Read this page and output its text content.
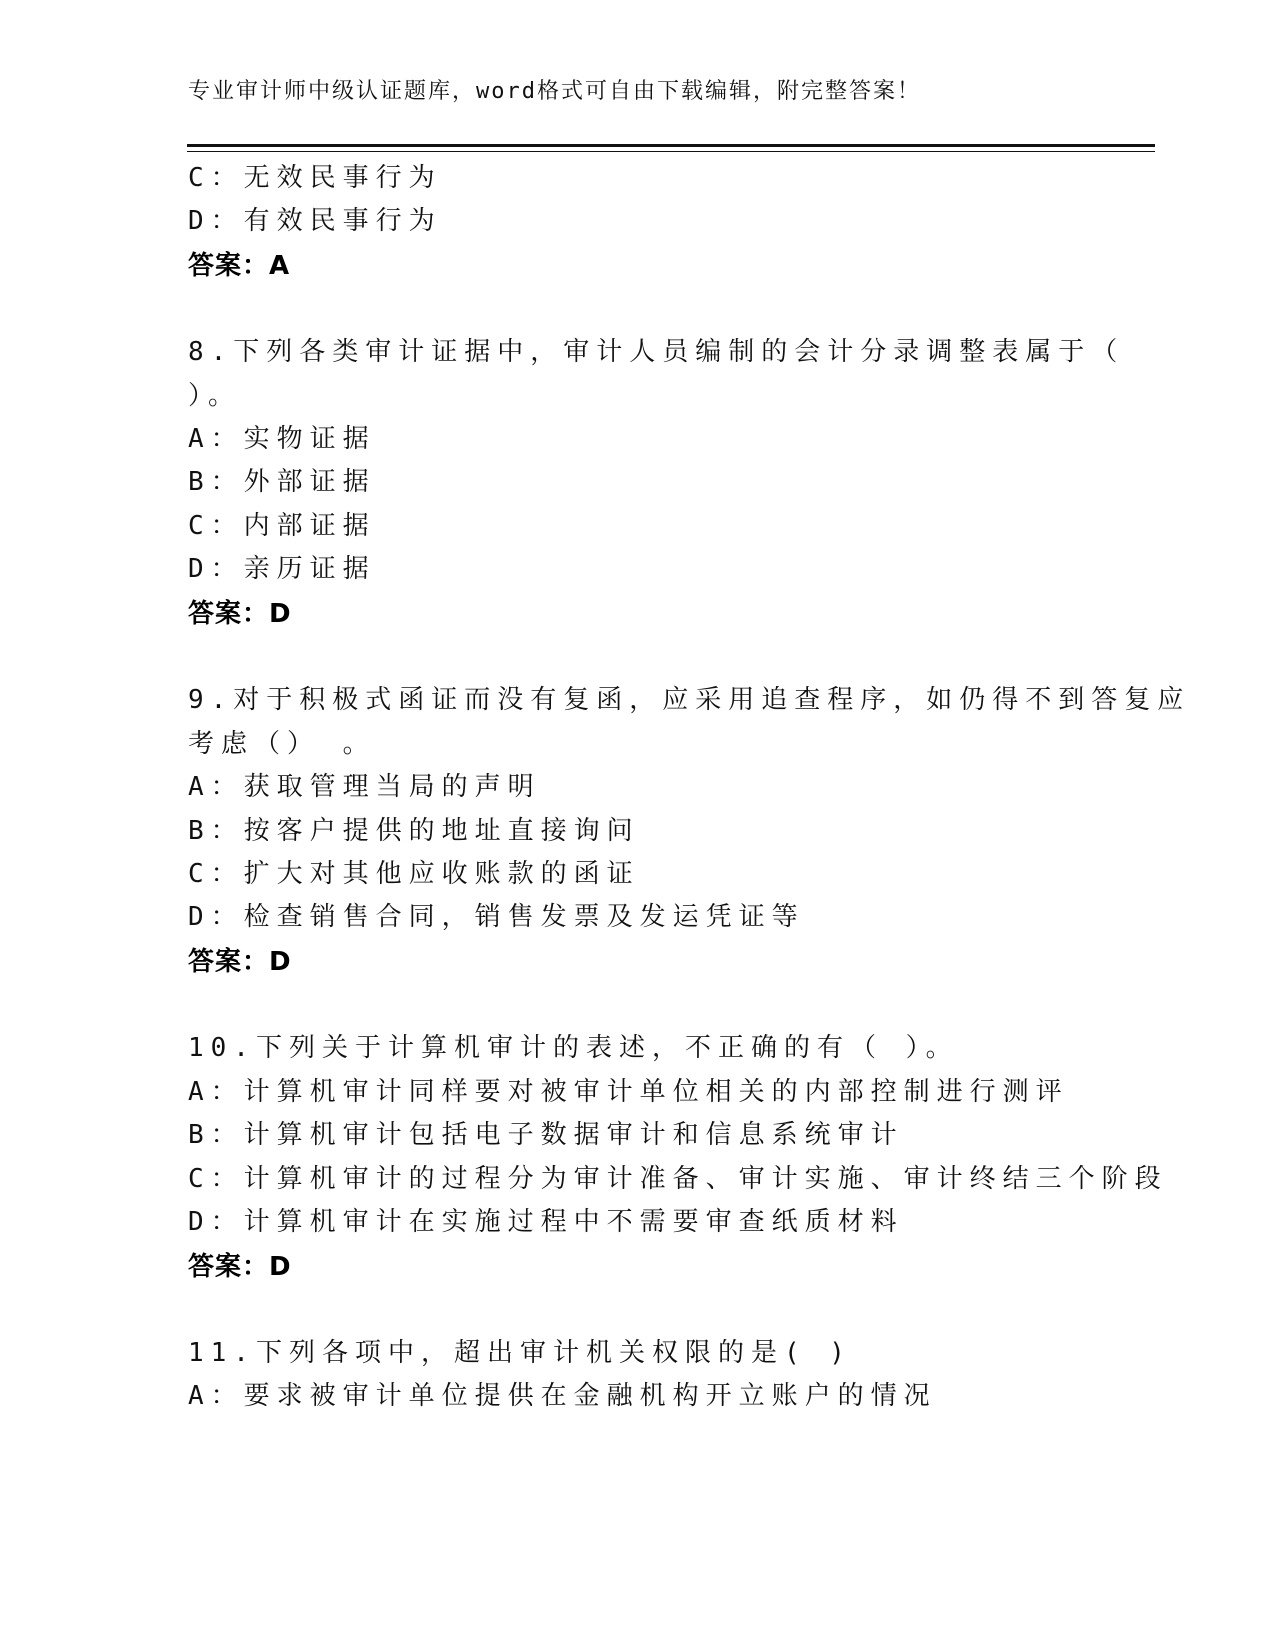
专业审计师中级认证题库，word格式可自由下载编辑，附完整答案！
C：无效民事行为
D：有效民事行为
答案：A
8.下列各类审计证据中，审计人员编制的会计分录调整表属于（
）。
A：实物证据
B：外部证据
C：内部证据
D：亲历证据
答案：D
9.对于积极式函证而没有复函，应采用追查程序，如仍得不到答复应
考虑（） 。
A：获取管理当局的声明
B：按客户提供的地址直接询问
C：扩大对其他应收账款的函证
D：检查销售合同，销售发票及发运凭证等
答案：D
10.下列关于计算机审计的表述，不正确的有（ ）。
A：计算机审计同样要对被审计单位相关的内部控制进行测评
B：计算机审计包括电子数据审计和信息系统审计
C：计算机审计的过程分为审计准备、审计实施、审计终结三个阶段
D：计算机审计在实施过程中不需要审查纸质材料
答案：D
11.下列各项中，超出审计机关权限的是( )
A：要求被审计单位提供在金融机构开立账户的情况
